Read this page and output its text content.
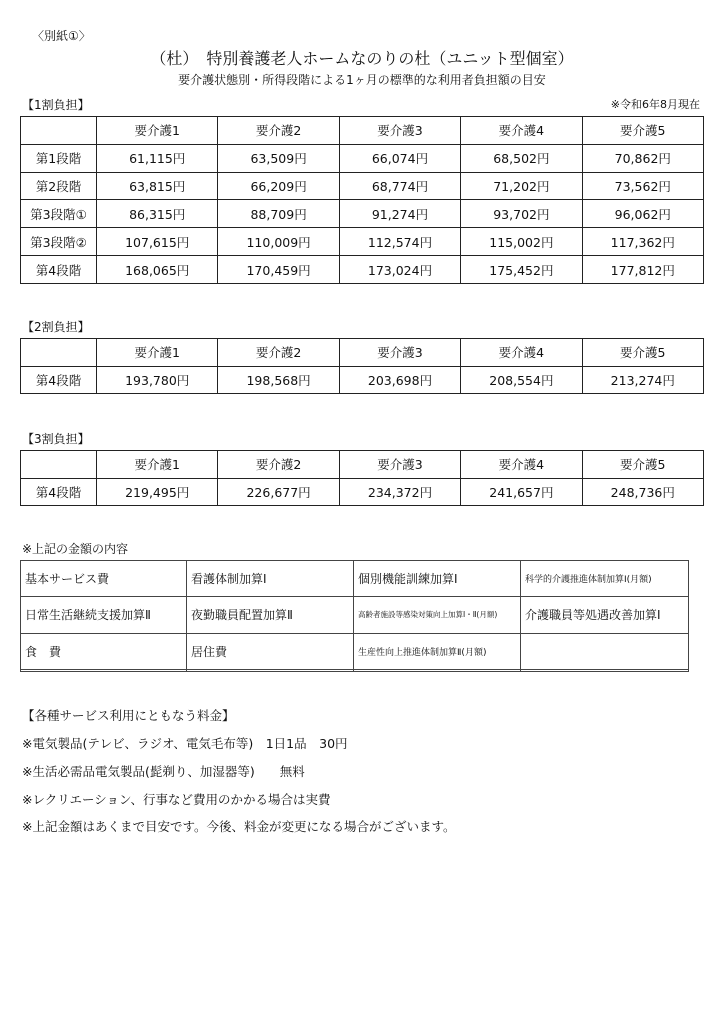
〈別紙①〉
（杜）　特別養護老人ホームなのりの杜（ユニット型個室）
要介護状態別・所得段階による1ヶ月の標準的な利用者負担額の目安
【1割負担】	※令和6年8月現在
	要介護1	要介護2	要介護3	要介護4	要介護5
第1段階	61,115円	63,509円	66,074円	68,502円	70,862円
第2段階	63,815円	66,209円	68,774円	71,202円	73,562円
第3段階①	86,315円	88,709円	91,274円	93,702円	96,062円
第3段階②	107,615円	110,009円	112,574円	115,002円	117,362円
第4段階	168,065円	170,459円	173,024円	175,452円	177,812円
【2割負担】
	要介護1	要介護2	要介護3	要介護4	要介護5
第4段階	193,780円	198,568円	203,698円	208,554円	213,274円
【3割負担】
	要介護1	要介護2	要介護3	要介護4	要介護5
第4段階	219,495円	226,677円	234,372円	241,657円	248,736円
※上記の金額の内容
基本サービス費	看護体制加算Ⅰ	個別機能訓練加算Ⅰ	科学的介護推進体制加算Ⅰ(月額)
日常生活継続支援加算Ⅱ	夜勤職員配置加算Ⅱ	高齢者施設等感染対策向上加算Ⅰ・Ⅱ(月額)	介護職員等処遇改善加算Ⅰ
食　費	居住費	生産性向上推進体制加算Ⅱ(月額)	

【各種サービス利用にともなう料金】
※電気製品(テレビ、ラジオ、電気毛布等)　1日1品　30円
※生活必需品電気製品(髭剃り、加湿器等)　　無料
※レクリエーション、行事など費用のかかる場合は実費
※上記金額はあくまで目安です。今後、料金が変更になる場合がございます。
